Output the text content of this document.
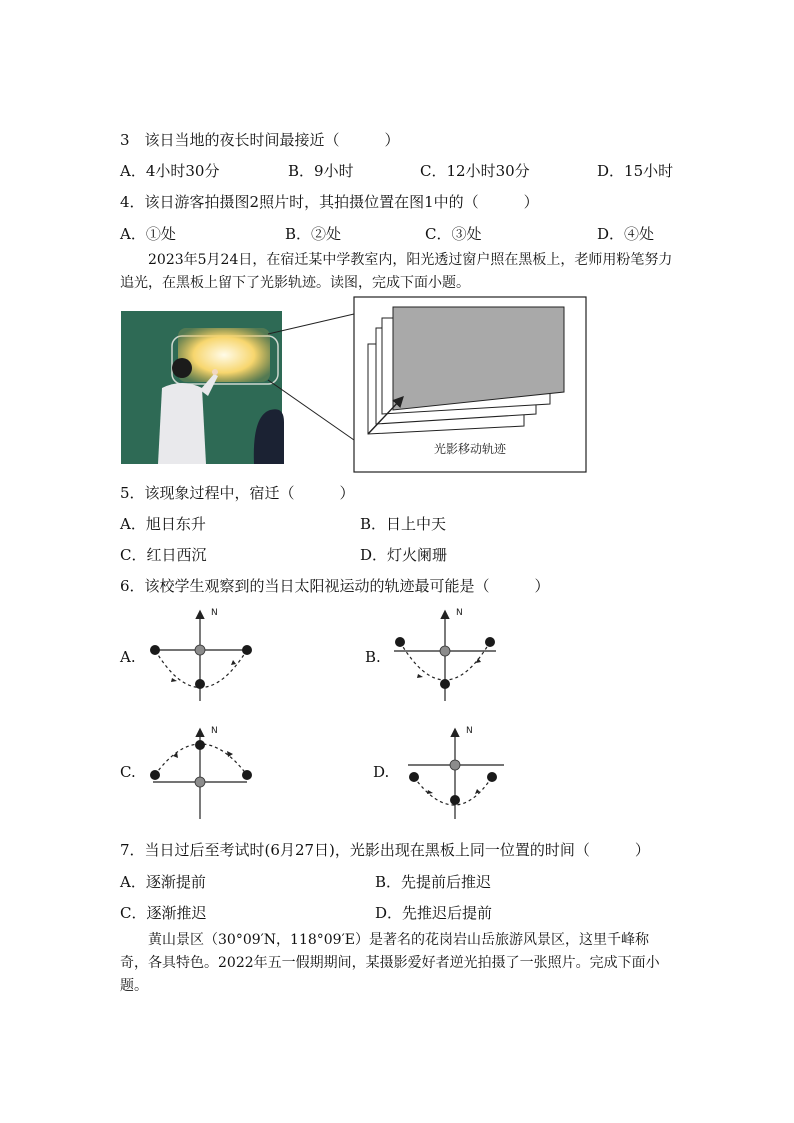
3　该日当地的夜长时间最接近（　　　）
A．4小时30分	B．9小时	C．12小时30分	D．15小时
4．该日游客拍摄图2照片时，其拍摄位置在图1中的（　　　）
A．①处	B．②处	C．③处	D．④处
2023年5月24日，在宿迁某中学教室内，阳光透过窗户照在黑板上，老师用粉笔努力追光，在黑板上留下了光影轨迹。读图，完成下面小题。
光影移动轨迹
5．该现象过程中，宿迁（　　　）
A．旭日东升	B．日上中天
C．红日西沉	D．灯火阑珊
6．该校学生观察到的当日太阳视运动的轨迹最可能是（　　　）
A.
N
B.
N
C.
N
D.
N
7．当日过后至考试时(6月27日)，光影出现在黑板上同一位置的时间（　　　）
A．逐渐提前	B．先提前后推迟
C．逐渐推迟	D．先推迟后提前
黄山景区（30°09′N，118°09′E）是著名的花岗岩山岳旅游风景区，这里千峰称奇，各具特色。2022年五一假期期间，某摄影爱好者逆光拍摄了一张照片。完成下面小题。
